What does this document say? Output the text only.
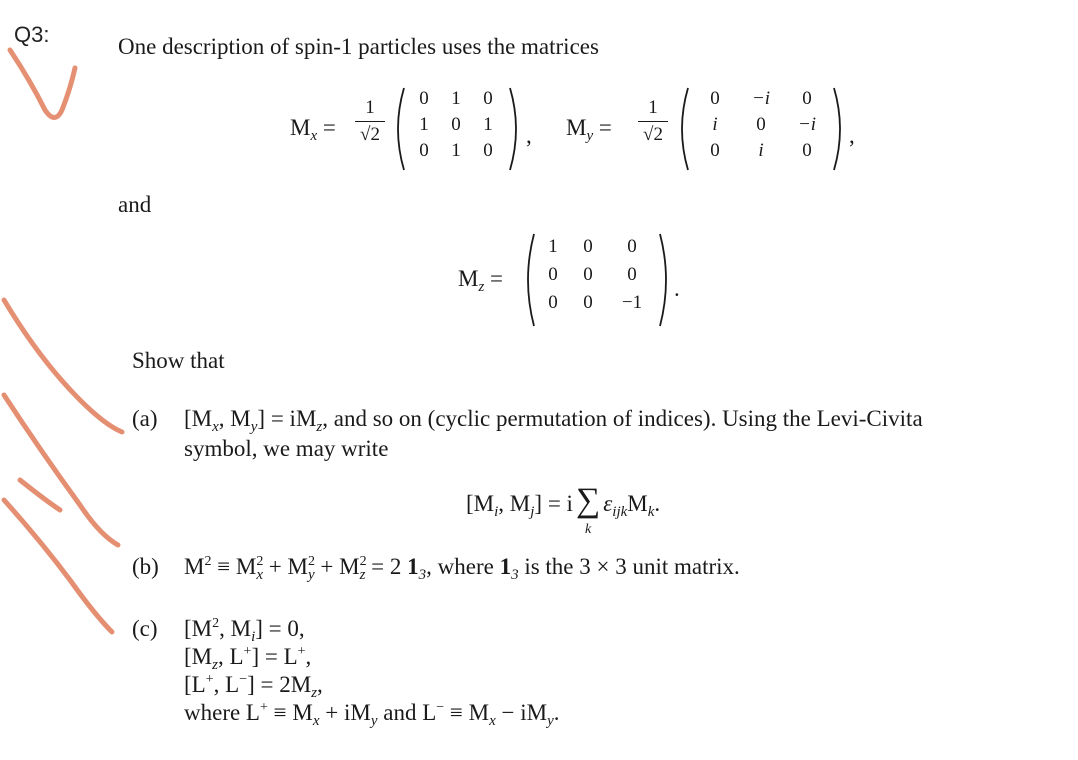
Q3:	One description of spin-1 particles uses the matrices
$M_x$ =
1
√2
0	1	0
1	0	1
0	1	0
, $M_y$ =
1
√2
0	−i	0
i	0	−i
0	i	0
,
and
$M_z$ =
1	0	0
0	0	0
0	0	−1
.
Show that
(a) [$M_x$, $M_y] = iM_z$, and so on (cyclic permutation of indices). Using the Levi-Civita
symbol, we may write
[$M_i$, $M_j] = i\sum$
k
$\varepsilon_{ijk}M_k$.
(b) $M^2 \equiv M^2_x + M^2_y + M^2_z = 2$ $1_3$, where $1_3$ is the 3 × 3 unit matrix.
(c) [$M^2$, $M_i] = 0$,
[$M_z$, L+] = L+,
[L+, $L^-] = 2M_z$,
where $L^+ \equiv M_x + iM_y$ and $L^- \equiv M_x - iM_y$.
